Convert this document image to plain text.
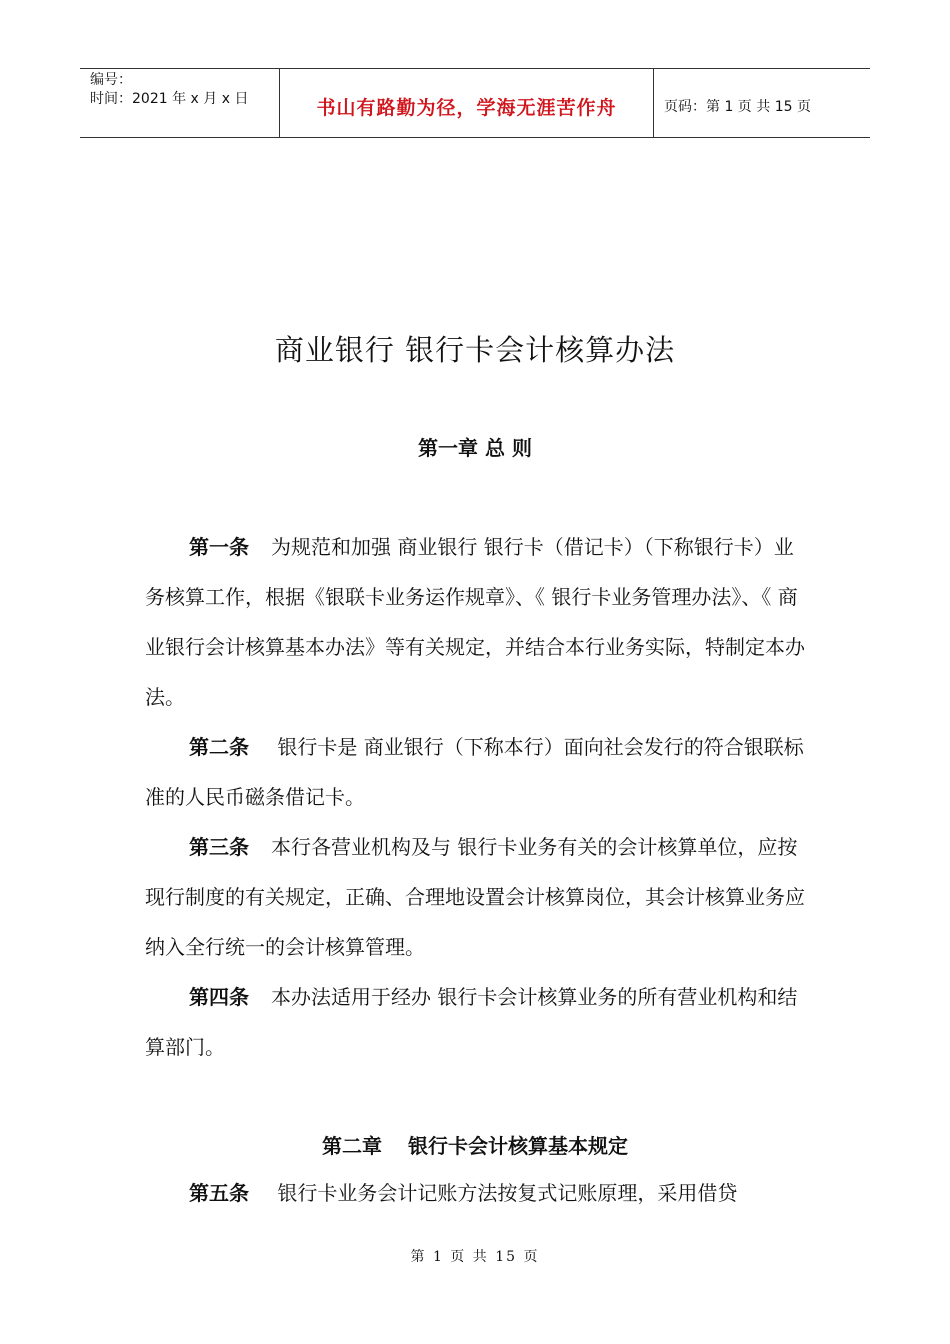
编号：
时间：2021 年 x 月 x 日	书山有路勤为径，学海无涯苦作舟	页码：第 1 页 共 15 页
商业银行 银行卡会计核算办法
第一章 总 则

第一条 为规范和加强 商业银行 银行卡（借记卡）（下称银行卡）业务核算工作，根据《银联卡业务运作规章》、《 银行卡业务管理办法》、《 商业银行会计核算基本办法》等有关规定，并结合本行业务实际，特制定本办法。

第二条 银行卡是 商业银行（下称本行）面向社会发行的符合银联标准的人民币磁条借记卡。

第三条 本行各营业机构及与 银行卡业务有关的会计核算单位，应按现行制度的有关规定，正确、合理地设置会计核算岗位，其会计核算业务应纳入全行统一的会计核算管理。

第四条 本办法适用于经办 银行卡会计核算业务的所有营业机构和结算部门。

第二章 银行卡会计核算基本规定

第五条 银行卡业务会计记账方法按复式记账原理，采用借贷

第 1 页 共 15 页
